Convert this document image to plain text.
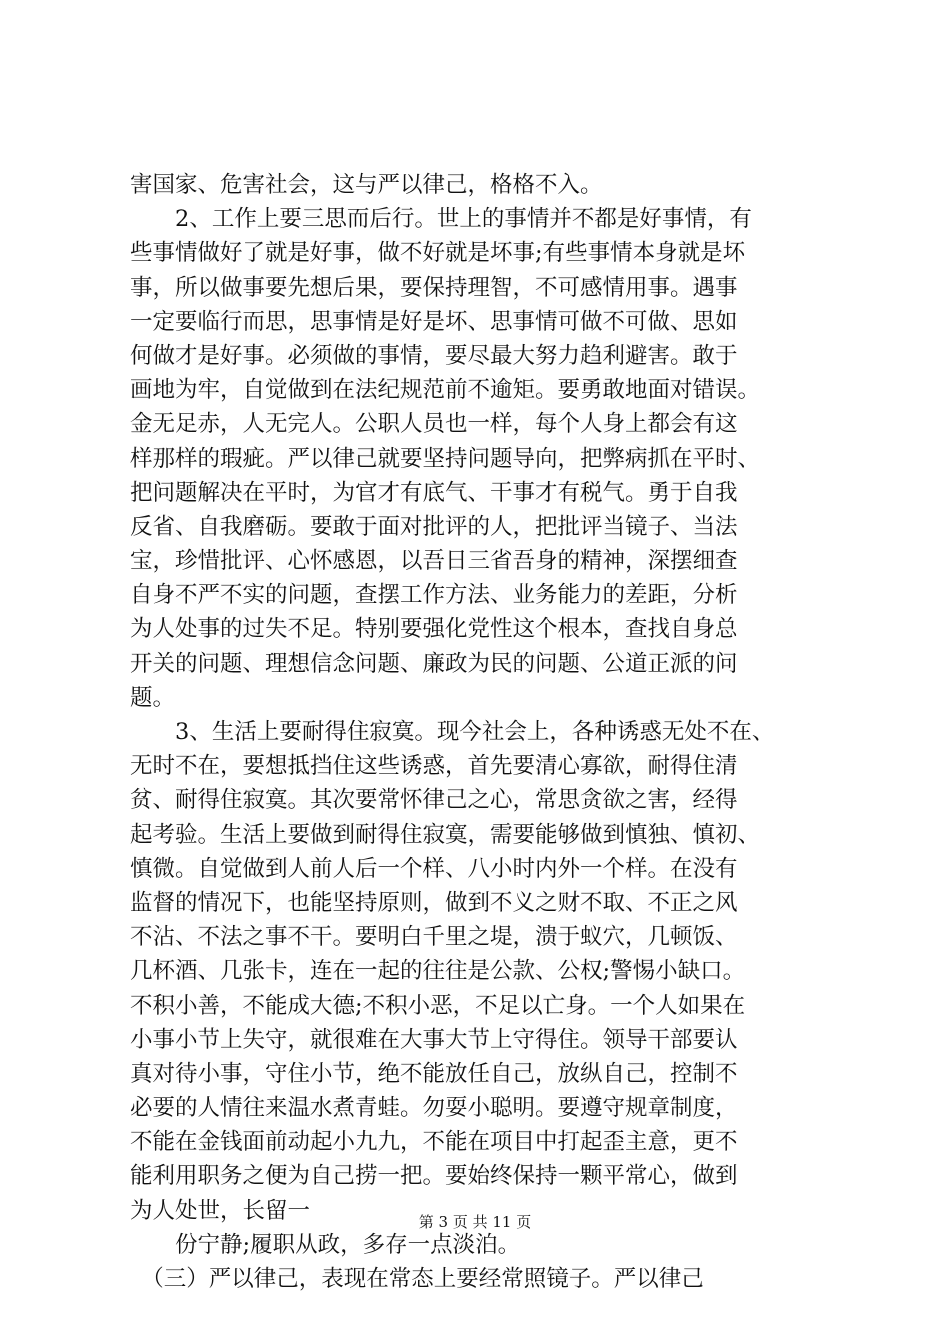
害国家、危害社会，这与严以律己，格格不入。
　　2、工作上要三思而后行。世上的事情并不都是好事情，有
些事情做好了就是好事，做不好就是坏事;有些事情本身就是坏
事，所以做事要先想后果，要保持理智，不可感情用事。遇事
一定要临行而思，思事情是好是坏、思事情可做不可做、思如
何做才是好事。必须做的事情，要尽最大努力趋利避害。敢于
画地为牢，自觉做到在法纪规范前不逾矩。要勇敢地面对错误。
金无足赤，人无完人。公职人员也一样，每个人身上都会有这
样那样的瑕疵。严以律己就要坚持问题导向，把弊病抓在平时、
把问题解决在平时，为官才有底气、干事才有税气。勇于自我
反省、自我磨砺。要敢于面对批评的人，把批评当镜子、当法
宝，珍惜批评、心怀感恩，以吾日三省吾身的精神，深摆细查
自身不严不实的问题，查摆工作方法、业务能力的差距，分析
为人处事的过失不足。特别要强化党性这个根本，查找自身总
开关的问题、理想信念问题、廉政为民的问题、公道正派的问
题。
　　3、生活上要耐得住寂寞。现今社会上，各种诱惑无处不在、
无时不在，要想抵挡住这些诱惑，首先要清心寡欲，耐得住清
贫、耐得住寂寞。其次要常怀律己之心，常思贪欲之害，经得
起考验。生活上要做到耐得住寂寞，需要能够做到慎独、慎初、
慎微。自觉做到人前人后一个样、八小时内外一个样。在没有
监督的情况下，也能坚持原则，做到不义之财不取、不正之风
不沾、不法之事不干。要明白千里之堤，溃于蚁穴，几顿饭、
几杯酒、几张卡，连在一起的往往是公款、公权;警惕小缺口。
不积小善，不能成大德;不积小恶，不足以亡身。一个人如果在
小事小节上失守，就很难在大事大节上守得住。领导干部要认
真对待小事，守住小节，绝不能放任自己，放纵自己，控制不
必要的人情往来温水煮青蛙。勿耍小聪明。要遵守规章制度，
不能在金钱面前动起小九九，不能在项目中打起歪主意，更不
能利用职务之便为自己捞一把。要始终保持一颗平常心，做到
为人处世，长留一
　　份宁静;履职从政，多存一点淡泊。
　（三）严以律己，表现在常态上要经常照镜子。严以律己
第 3 页 共 11 页
